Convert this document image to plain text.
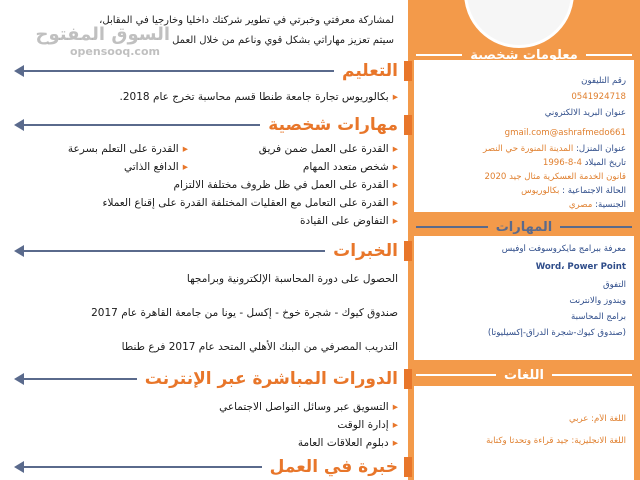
معلومات شخصية
رقم التليفون
0541924718
عنوان البريد الالكتروني
gmail.com@ashrafmedo661
عنوان المنزل: المدينة المنورة حي النصر
تاريخ الميلاد 4-8-1996
قانون الخدمة العسكرية مثال جيد 2020
الحالة الاجتماعية : بكالوريوس
الجنسية: مصري
المهارات
معرفة ببرامج مايكروسوفت أوفيس
Word، Power Point
التفوق
ويندوز والانترنت
برامج المحاسبة
(صندوق كيوك-شجرة الدراق-إكسيليوتا)
اللغات
اللغة الأم: عربي
اللغة الانجليزية: جيد قراءة وتحدثا وكتابة
لمشاركة معرفتي وخبرتي في تطوير شركتك داخليا وخارجيا في المقابل،
سيتم تعزيز مهاراتي بشكل قوي وناعم من خلال العمل
السوق المفتوح
opensooq.com
التعليم
▸ بكالوريوس تجارة جامعة طنطا قسم محاسبة تخرج عام 2018.
مهارات شخصية
▸ القدرة على العمل ضمن فريق
▸ القدرة على التعلم بسرعة
▸ شخص متعدد المهام
▸ الدافع الذاتي
▸ القدرة على العمل في ظل ظروف مختلفة الالتزام
▸ القدرة على التعامل مع العقليات المختلفة القدرة على إقناع العملاء
▸ التفاوض على القيادة
الخبرات
الحصول على دورة المحاسبة الإلكترونية وبرامجها
صندوق كيوك - شجرة خوخ - إكسل - يونا من جامعة القاهرة عام 2017
التدريب المصرفي من البنك الأهلي المتحد عام 2017 فرع طنطا
الدورات المباشرة عبر الإنترنت
▸ التسويق عبر وسائل التواصل الاجتماعي
▸ إدارة الوقت
▸ دبلوم العلاقات العامة
خبرة في العمل
